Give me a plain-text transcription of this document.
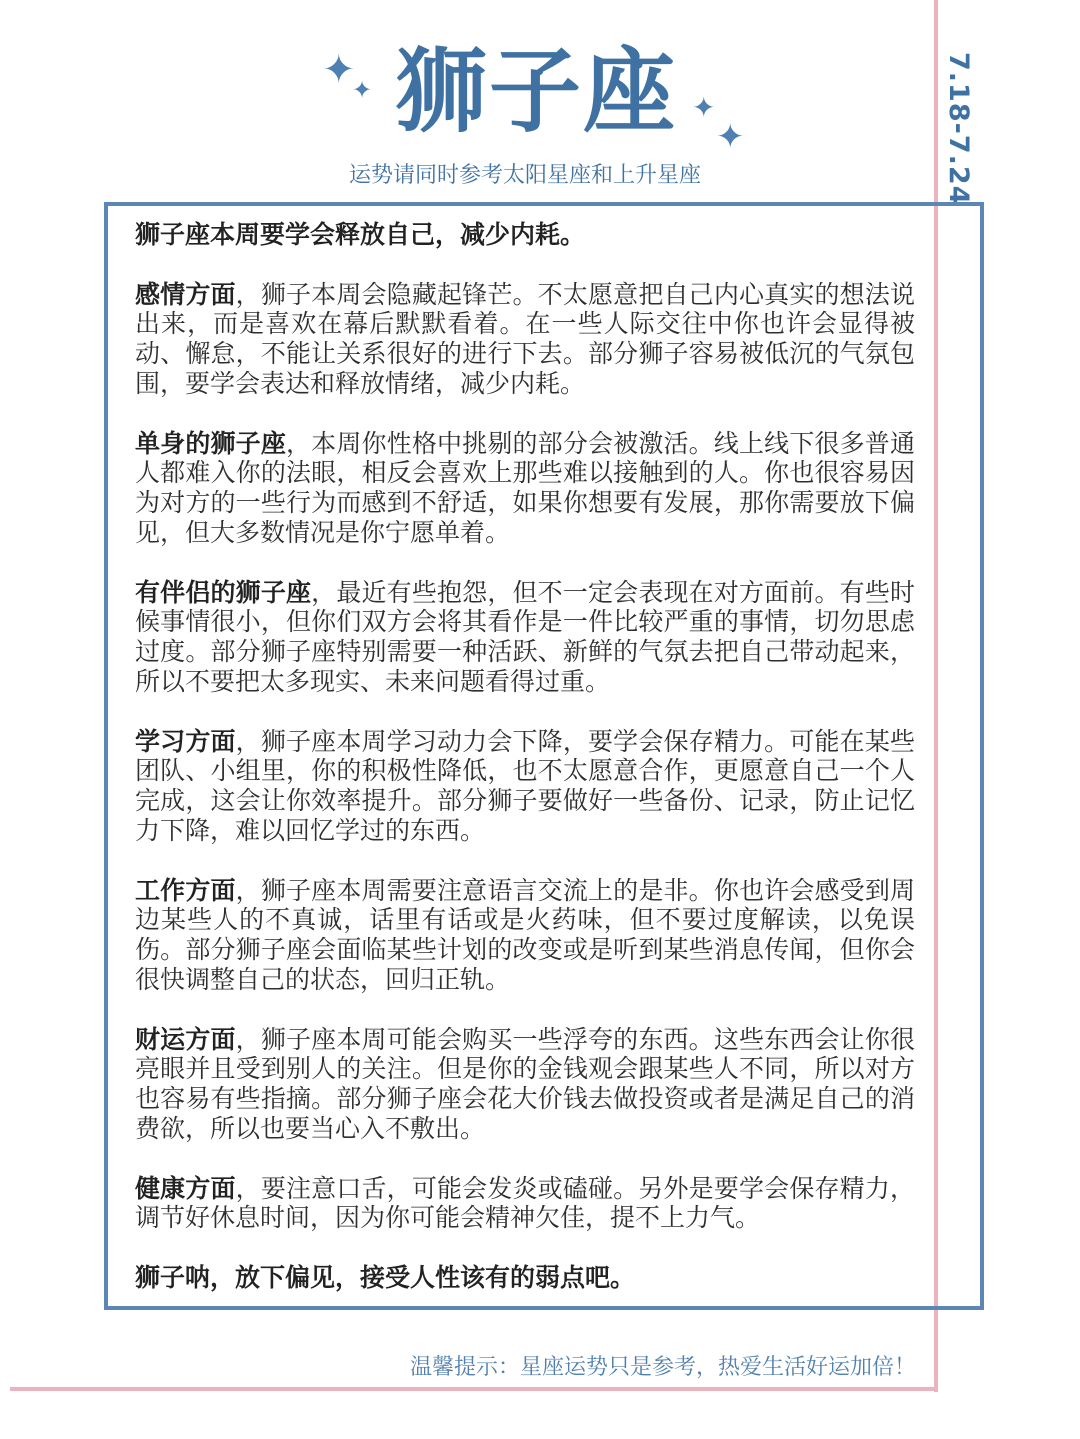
✦
✦
✦
✦
狮子座
运势请同时参考太阳星座和上升星座	7.18-7.24

狮子座本周要学会释放自己，减少内耗。

感情方面，狮子本周会隐藏起锋芒。不太愿意把自己内心真实的想法说出来，而是喜欢在幕后默默看着。在一些人际交往中你也许会显得被动、懈怠，不能让关系很好的进行下去。部分狮子容易被低沉的气氛包围，要学会表达和释放情绪，减少内耗。

单身的狮子座，本周你性格中挑剔的部分会被激活。线上线下很多普通人都难入你的法眼，相反会喜欢上那些难以接触到的人。你也很容易因为对方的一些行为而感到不舒适，如果你想要有发展，那你需要放下偏见，但大多数情况是你宁愿单着。

有伴侣的狮子座，最近有些抱怨，但不一定会表现在对方面前。有些时候事情很小，但你们双方会将其看作是一件比较严重的事情，切勿思虑过度。部分狮子座特别需要一种活跃、新鲜的气氛去把自己带动起来，所以不要把太多现实、未来问题看得过重。

学习方面，狮子座本周学习动力会下降，要学会保存精力。可能在某些团队、小组里，你的积极性降低，也不太愿意合作，更愿意自己一个人完成，这会让你效率提升。部分狮子要做好一些备份、记录，防止记忆力下降，难以回忆学过的东西。

工作方面，狮子座本周需要注意语言交流上的是非。你也许会感受到周边某些人的不真诚，话里有话或是火药味，但不要过度解读，以免误伤。部分狮子座会面临某些计划的改变或是听到某些消息传闻，但你会很快调整自己的状态，回归正轨。

财运方面，狮子座本周可能会购买一些浮夸的东西。这些东西会让你很亮眼并且受到别人的关注。但是你的金钱观会跟某些人不同，所以对方也容易有些指摘。部分狮子座会花大价钱去做投资或者是满足自己的消费欲，所以也要当心入不敷出。

健康方面，要注意口舌，可能会发炎或磕碰。另外是要学会保存精力，调节好休息时间，因为你可能会精神欠佳，提不上力气。

狮子呐，放下偏见，接受人性该有的弱点吧。

温馨提示：星座运势只是参考，热爱生活好运加倍！
